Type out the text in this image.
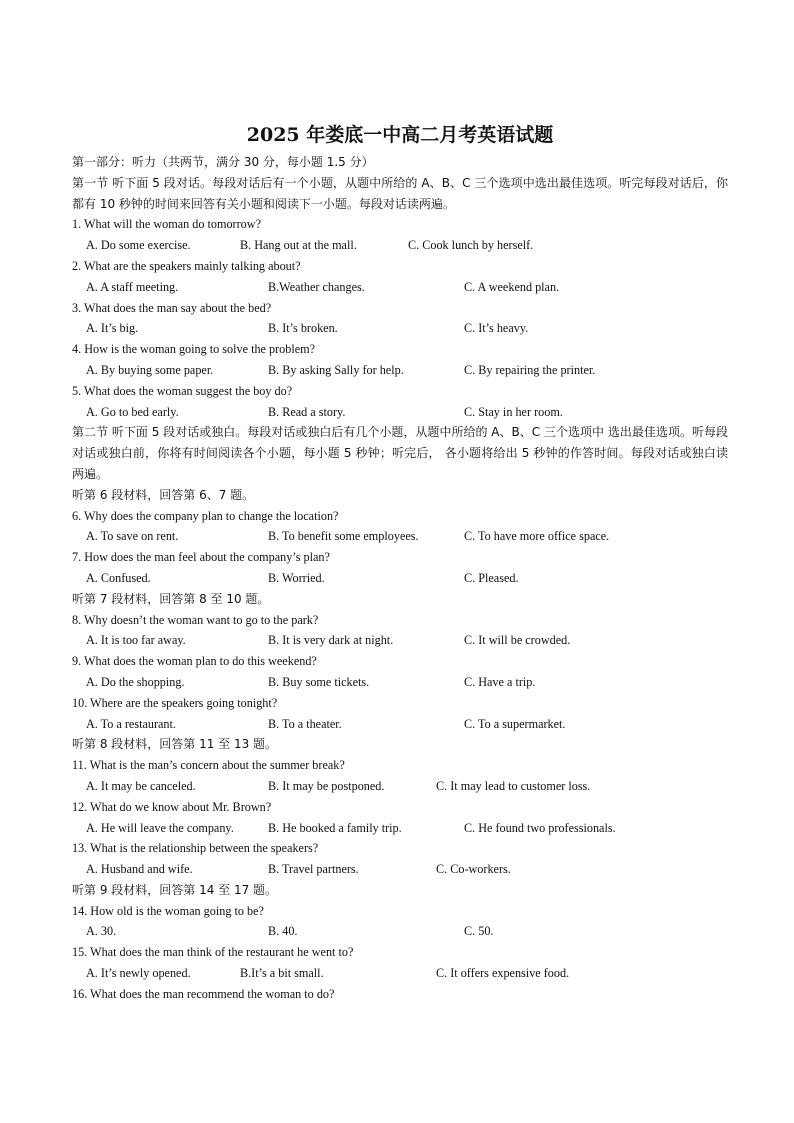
2025 年娄底一中高二月考英语试题
第一部分：听力（共两节，满分 30 分，每小题 1.5 分）
第一节 听下面 5 段对话。每段对话后有一个小题，从题中所给的 A、B、C 三个选项中选出最佳选项。听完每段对话后，你都有 10 秒钟的时间来回答有关小题和阅读下一小题。每段对话读两遍。
1. What will the woman do tomorrow?
A. Do some exercise.	B. Hang out at the mall.	C. Cook lunch by herself.
2. What are the speakers mainly talking about?
A. A staff meeting.	B.Weather changes.	C. A weekend plan.
3. What does the man say about the bed?
A. It’s big.	B. It’s broken.	C. It’s heavy.
4. How is the woman going to solve the problem?
A. By buying some paper.	B. By asking Sally for help.	C. By repairing the printer.
5. What does the woman suggest the boy do?
A. Go to bed early.	B. Read a story.	C. Stay in her room.
第二节 听下面 5 段对话或独白。每段对话或独白后有几个小题，从题中所给的 A、B、C 三个选项中 选出最佳选项。听每段对话或独白前，你将有时间阅读各个小题，每小题 5 秒钟；听完后， 各小题将给出 5 秒钟的作答时间。每段对话或独白读两遍。
听第 6 段材料，回答第 6、7 题。
6. Why does the company plan to change the location?
A. To save on rent.	B. To benefit some employees.	C. To have more office space.
7. How does the man feel about the company’s plan?
A. Confused.	B. Worried.	C. Pleased.
听第 7 段材料，回答第 8 至 10 题。
8. Why doesn’t the woman want to go to the park?
A. It is too far away.	B. It is very dark at night.	C. It will be crowded.
9. What does the woman plan to do this weekend?
A. Do the shopping.	B. Buy some tickets.	C. Have a trip.
10. Where are the speakers going tonight?
A. To a restaurant.	B. To a theater.	C. To a supermarket.
听第 8 段材料，回答第 11 至 13 题。
11. What is the man’s concern about the summer break?
A. It may be canceled.	B. It may be postponed.	C. It may lead to customer loss.
12. What do we know about Mr. Brown?
A. He will leave the company.	B. He booked a family trip.	C. He found two professionals.
13. What is the relationship between the speakers?
A. Husband and wife.	B. Travel partners.	C. Co-workers.
听第 9 段材料，回答第 14 至 17 题。
14. How old is the woman going to be?
A. 30.	B. 40.	C. 50.
15. What does the man think of the restaurant he went to?
A. It’s newly opened.	B.It’s a bit small.	C. It offers expensive food.
16. What does the man recommend the woman to do?
